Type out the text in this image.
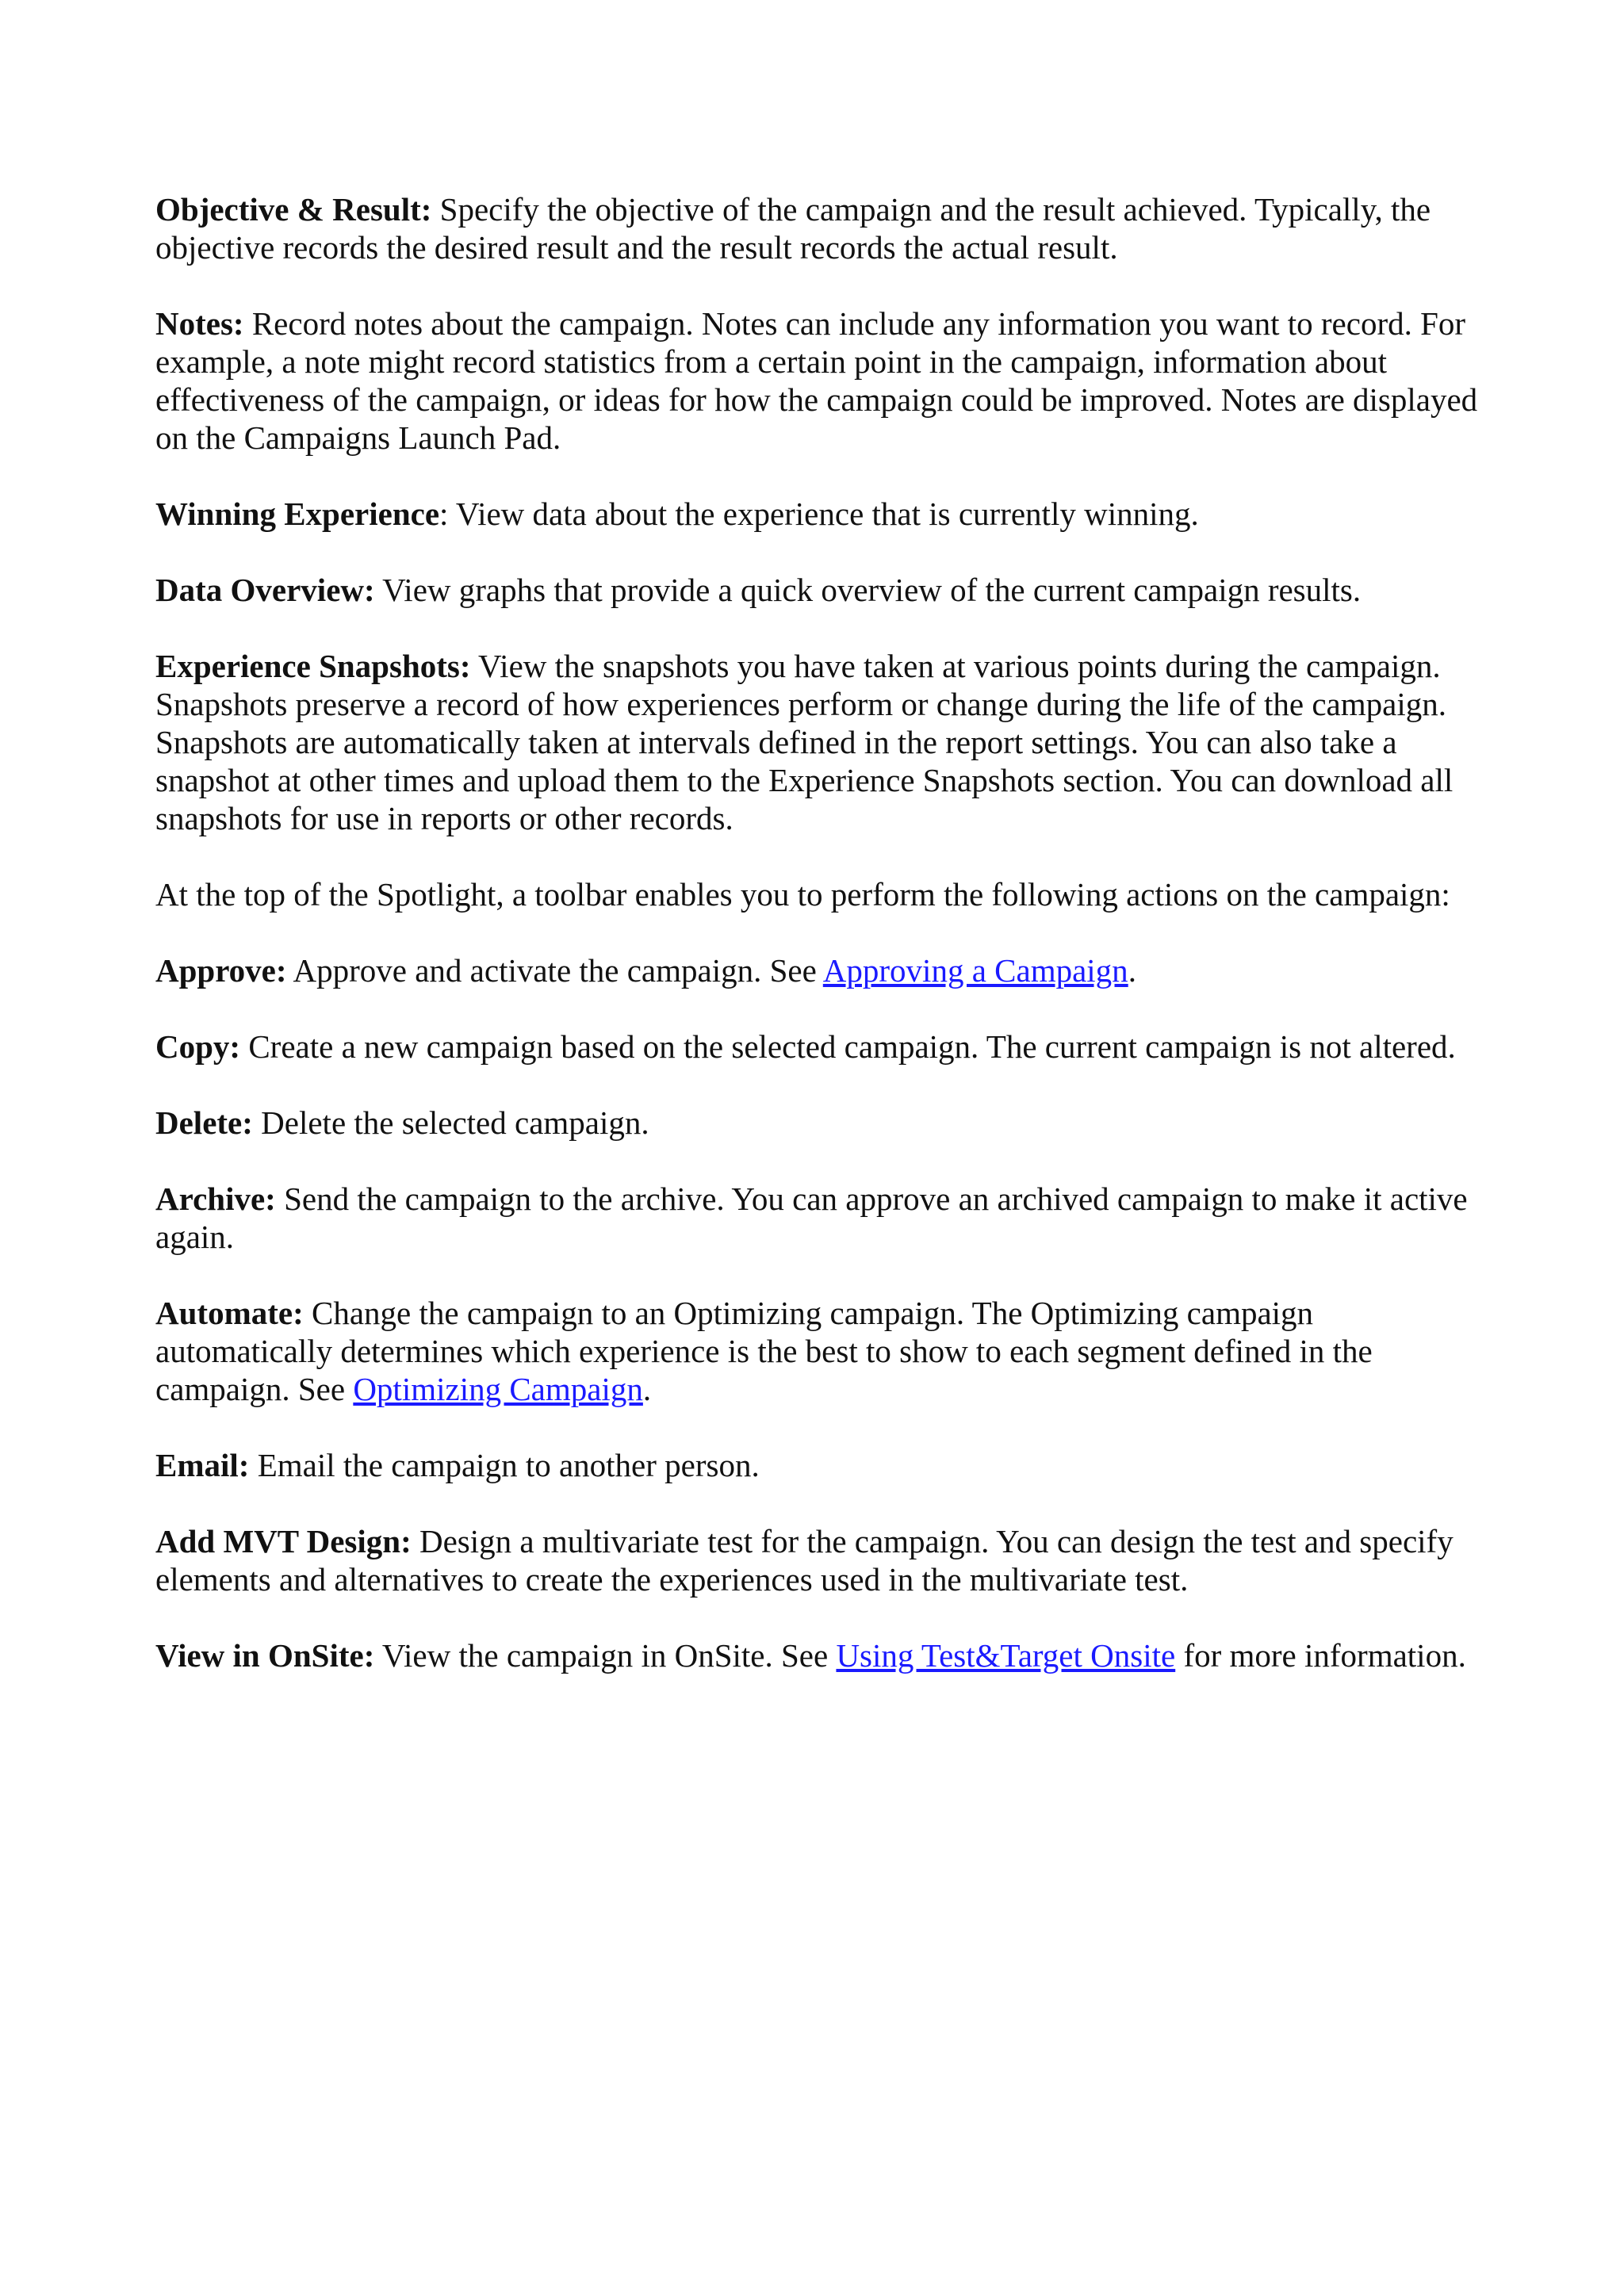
Objective & Result: Specify the objective of the campaign and the result achieved. Typically, the objective records the desired result and the result records the actual result.

Notes: Record notes about the campaign. Notes can include any information you want to record. For example, a note might record statistics from a certain point in the campaign, information about effectiveness of the campaign, or ideas for how the campaign could be improved. Notes are displayed on the Campaigns Launch Pad.

Winning Experience: View data about the experience that is currently winning.

Data Overview: View graphs that provide a quick overview of the current campaign results.

Experience Snapshots: View the snapshots you have taken at various points during the campaign. Snapshots preserve a record of how experiences perform or change during the life of the campaign. Snapshots are automatically taken at intervals defined in the report settings. You can also take a snapshot at other times and upload them to the Experience Snapshots section. You can download all snapshots for use in reports or other records.

At the top of the Spotlight, a toolbar enables you to perform the following actions on the campaign:

Approve: Approve and activate the campaign. See Approving a Campaign.

Copy: Create a new campaign based on the selected campaign. The current campaign is not altered.

Delete: Delete the selected campaign.

Archive: Send the campaign to the archive. You can approve an archived campaign to make it active again.

Automate: Change the campaign to an Optimizing campaign. The Optimizing campaign automatically determines which experience is the best to show to each segment defined in the campaign. See Optimizing Campaign.

Email: Email the campaign to another person.

Add MVT Design: Design a multivariate test for the campaign. You can design the test and specify elements and alternatives to create the experiences used in the multivariate test.

View in OnSite: View the campaign in OnSite. See Using Test&Target Onsite for more information.
